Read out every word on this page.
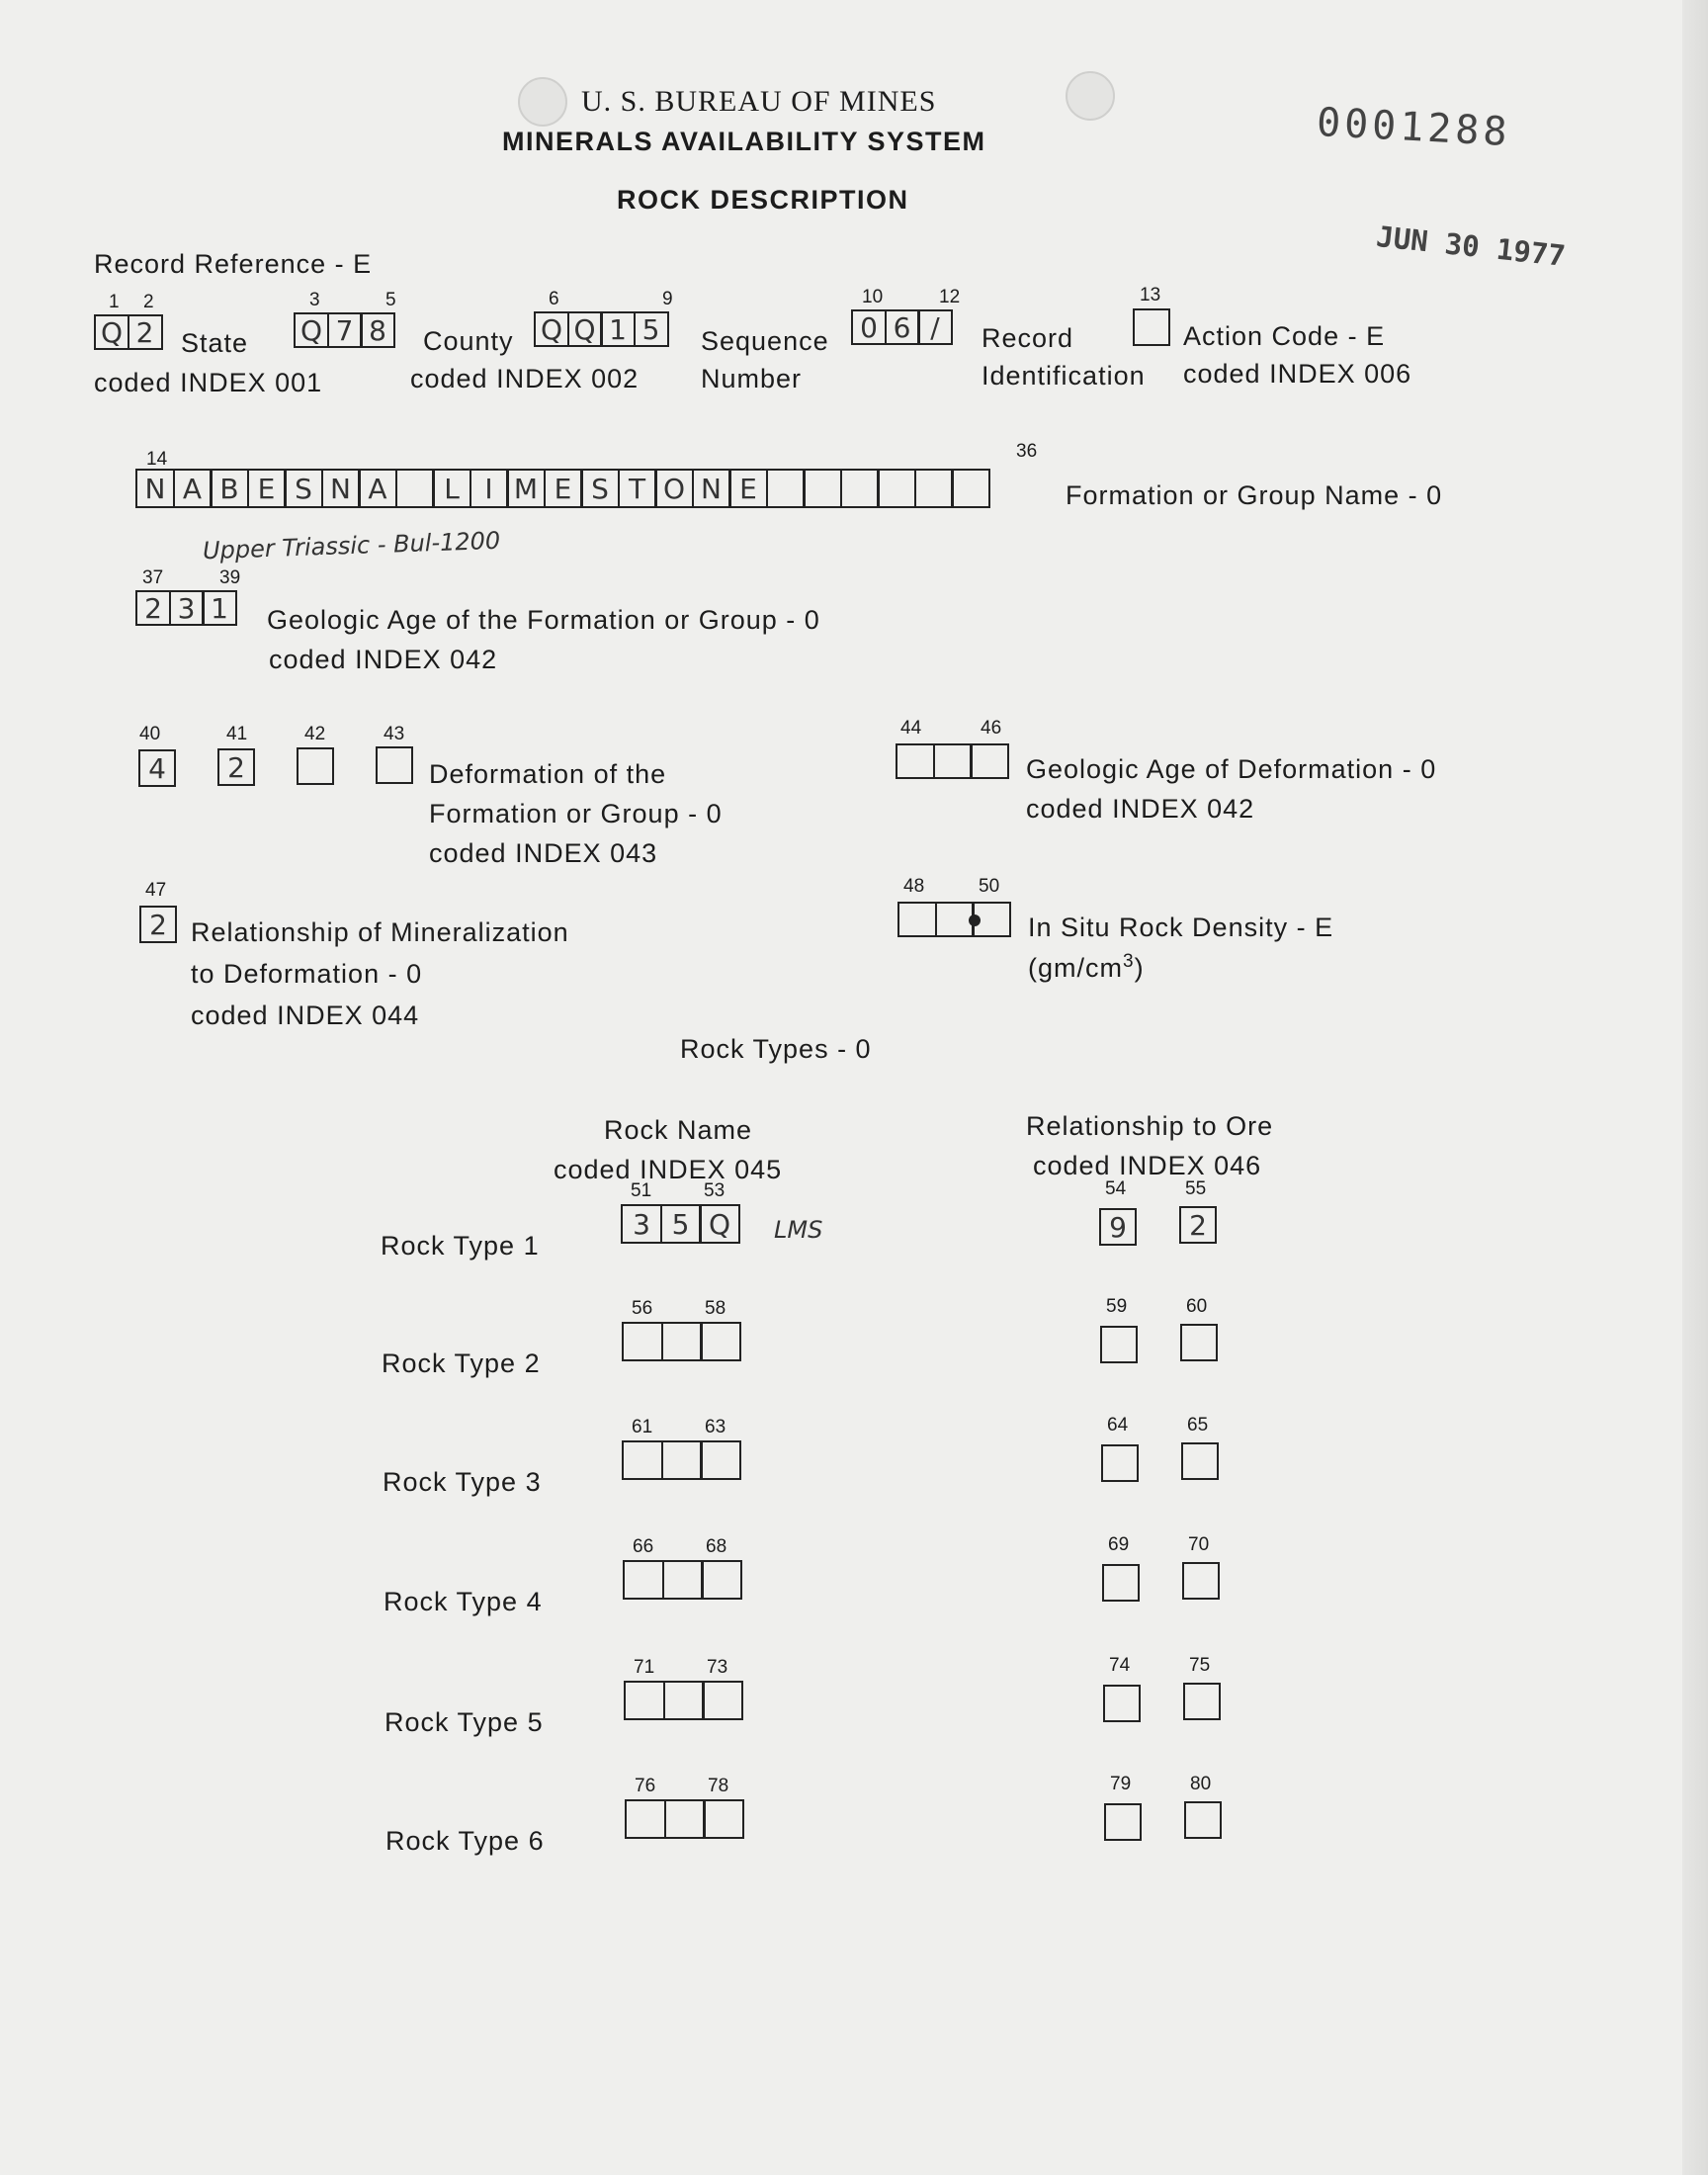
U. S. BUREAU OF MINES
MINERALS AVAILABILITY SYSTEM
ROCK DESCRIPTION
0001288
JUN 30 1977
Record Reference - E
1 2
Q 2	State
coded INDEX 001
3	5
Q 7 8	County
coded INDEX 002
6	9
Q Q 1 5	Sequence
Number
10	12
0 6 /	Record
Identification
13
Action Code - E
coded INDEX 006
14	36
N A B E S N A	L I M E S T O N E	Formation or Group Name - 0
Upper Triassic - Bul-1200
37	39
2 3 1	Geologic Age of the Formation or Group - 0
coded INDEX 042
40	41	42	43
4	2	Deformation of the
Formation or Group - 0
coded INDEX 043
44	46
Geologic Age of Deformation - 0
coded INDEX 042
47
2 Relationship of Mineralization
to Deformation - 0
coded INDEX 044
48	50
In Situ Rock Density - E
$(gm/cm^3)$
Rock Types - 0
Rock Name
coded INDEX 045
Relationship to Ore
coded INDEX 046
Rock Type 1
51	53
3 5 Q	LMS
54	55
9	2
Rock Type 2
56	58	59	60
Rock Type 3
61	63	64	65
Rock Type 4
66	68	69	70
Rock Type 5
71	73	74	75
Rock Type 6
76	78	79	80
